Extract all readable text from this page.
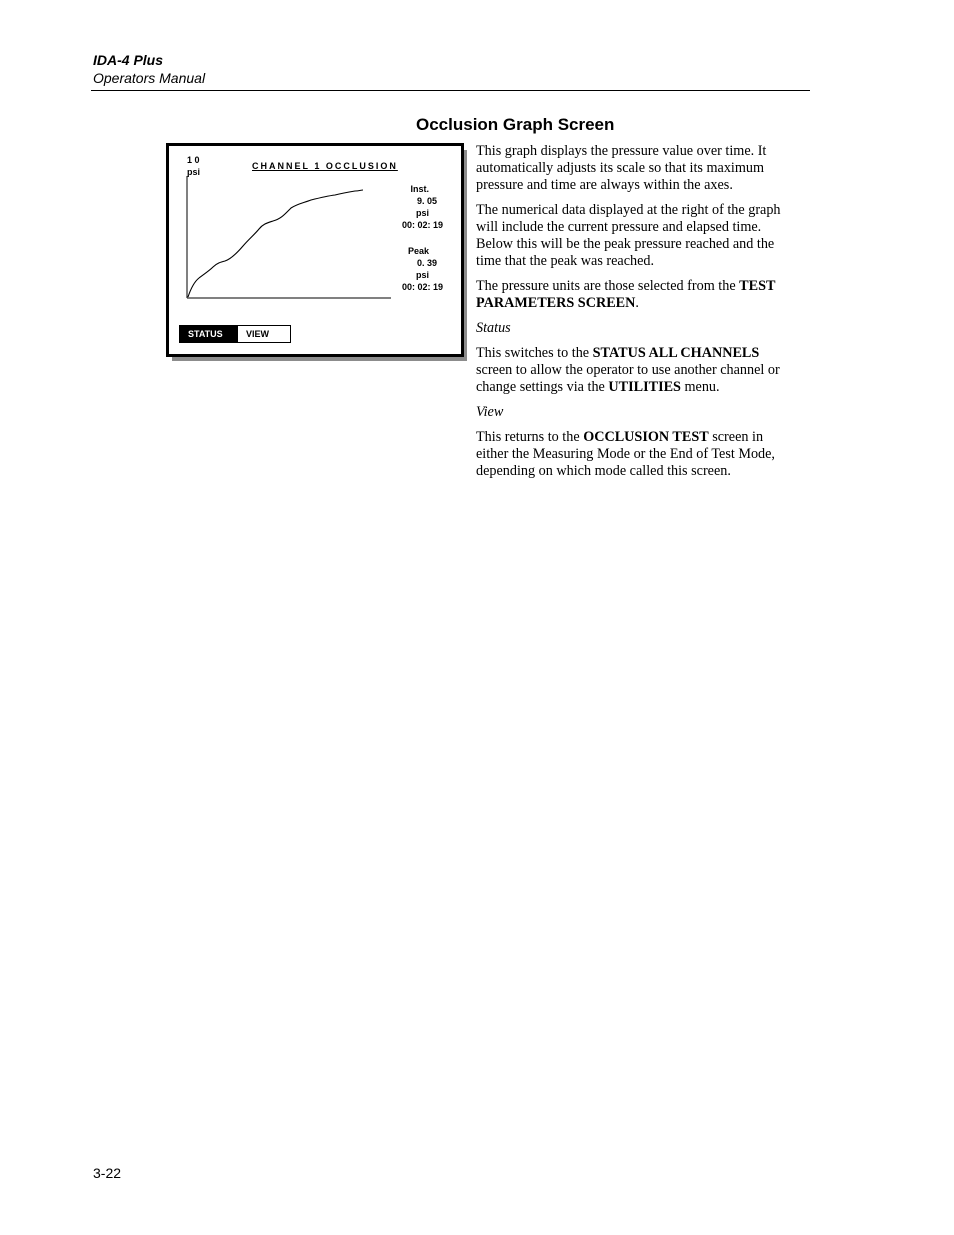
IDA-4 Plus
Operators Manual
Occlusion Graph Screen
1 0
psi
CHANNEL 1 OCCLUSION
Inst.
9. 05
psi
00: 02: 19
Peak
0. 39
psi
00: 02: 19
STATUS	VIEW

This graph displays the pressure value over time. It automatically adjusts its scale so that its maximum pressure and time are always within the axes.

The numerical data displayed at the right of the graph will include the current pressure and elapsed time. Below this will be the peak pressure reached and the time that the peak was reached.

The pressure units are those selected from the TEST PARAMETERS SCREEN.

Status

This switches to the STATUS ALL CHANNELS screen to allow the operator to use another channel or change settings via the UTILITIES menu.

View

This returns to the OCCLUSION TEST screen in either the Measuring Mode or the End of Test Mode, depending on which mode called this screen.

3-22
